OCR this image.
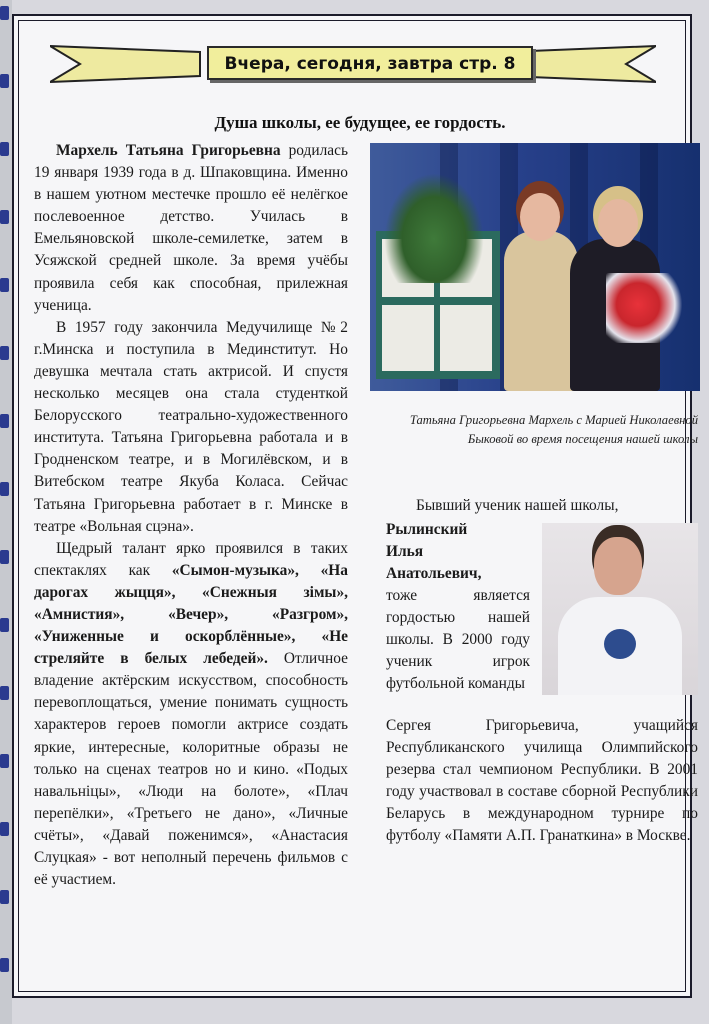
Вчера, сегодня, завтра стр. 8
Душа школы, ее будущее, ее гордость.

Мархель Татьяна Григорьевна родилась 19 января 1939 года в д. Шпаковщина. Именно в нашем уютном местечке прошло её нелёгкое послевоенное детство. Училась в Емельяновской школе-семилетке, затем в Усяжской средней школе. За время учёбы проявила себя как способная, прилежная ученица.

В 1957 году закончила Медучилище №2 г.Минска и поступила в Мединститут. Но девушка мечтала стать актрисой. И спустя несколько месяцев она стала студенткой Белорусского театрально-художественного института. Татьяна Григорьевна работала и в Гродненском театре, и в Могилёвском, и в Витебском театре Якуба Коласа. Сейчас Татьяна Григорьевна работает в г. Минске в театре «Вольная сцэна».

Щедрый талант ярко проявился в таких спектаклях как «Сымон-музыка», «На дарогах жыцця», «Снежныя зімы», «Амнистия», «Вечер», «Разгром», «Униженные и оскорблённые», «Не стреляйте в белых лебедей». Отличное владение актёрским искусством, способность перевоплощаться, умение понимать сущность характеров героев помогли актрисе создать яркие, интересные, колоритные образы не только на сценах театров но и кино. «Подых навальніцы», «Люди на болоте», «Плач перепёлки», «Третьего не дано», «Личные счёты», «Давай поженимся», «Анастасия Слуцкая» - вот неполный перечень фильмов с её участием.

Татьяна Григорьевна Мархель с Марией Николаевной Быковой во время посещения нашей школы
Бывший ученик нашей школы,
Рылинский
Илья
Анатольевич,
тоже является гордостью нашей школы. В 2000 году ученик игрок футбольной команды
Сергея Григорьевича, учащийся Республиканского училища Олимпийского резерва стал чемпионом Республики. В 2001 году участвовал в составе сборной Республики Беларусь в международном турнире по футболу «Памяти А.П. Гранаткина» в Москве.
